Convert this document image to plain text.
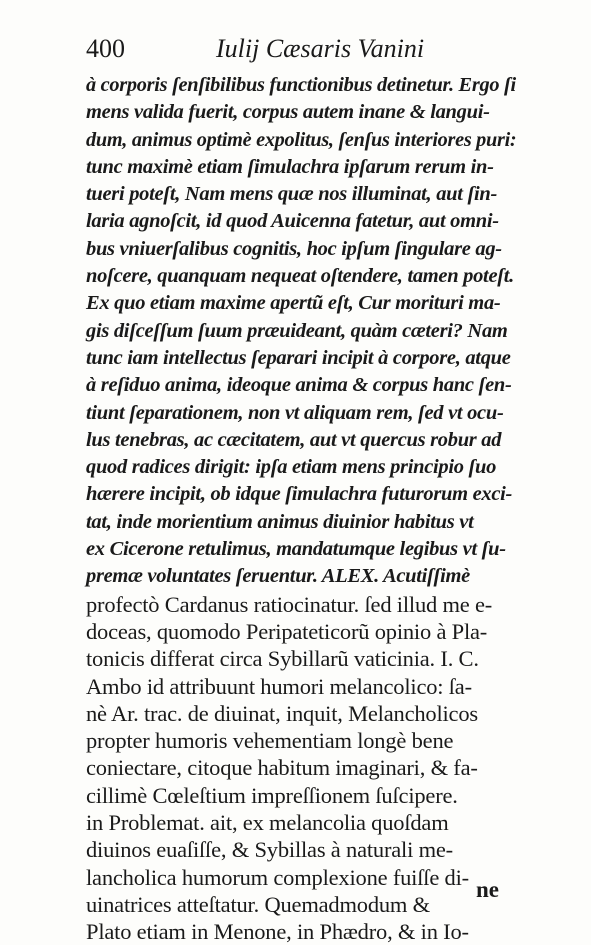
400	Iulij Cæsaris Vanini
à corporis ſenſibilibus functionibus detinetur. Ergo ſi
mens valida fuerit, corpus autem inane & langui-
dum, animus optimè expolitus, ſenſus interiores puri:
tunc maximè etiam ſimulachra ipſarum rerum in-
tueri poteſt, Nam mens quæ nos illuminat, aut ſin-
laria agnoſcit, id quod Auicenna fatetur, aut omni-
bus vniuerſalibus cognitis, hoc ipſum ſingulare ag-
noſcere, quanquam nequeat oſtendere, tamen poteſt.
Ex quo etiam maxime apertũ eſt, Cur morituri ma-
gis diſceſſum ſuum præuideant, quàm cæteri? Nam
tunc iam intellectus ſeparari incipit à corpore, atque
à reſiduo anima, ideoque anima & corpus hanc ſen-
tiunt ſeparationem, non vt aliquam rem, ſed vt ocu-
lus tenebras, ac cæcitatem, aut vt quercus robur ad
quod radices dirigit: ipſa etiam mens principio ſuo
hærere incipit, ob idque ſimulachra futurorum exci-
tat, inde morientium animus diuinior habitus vt
ex Cicerone retulimus, mandatumque legibus vt ſu-
premæ voluntates ſeruentur. ALEX. Acutiſſimè
profectò Cardanus ratiocinatur. ſed illud me e-
doceas, quomodo Peripateticorũ opinio à Pla-
tonicis differat circa Sybillarũ vaticinia. I. C.
Ambo id attribuunt humori melancolico: ſa-
nè Ar. trac. de diuinat, inquit, Melancholicos
propter humoris vehementiam longè bene
coniectare, citoque habitum imaginari, & fa-
cillimè Cœleſtium impreſſionem ſuſcipere.
in Problemat. ait, ex melancolia quoſdam
diuinos euaſiſſe, & Sybillas à naturali me-
lancholica humorum complexione fuiſſe di-
uinatrices atteſtatur. Quemadmodum &
Plato etiam in Menone, in Phædro, & in Io-
ne
